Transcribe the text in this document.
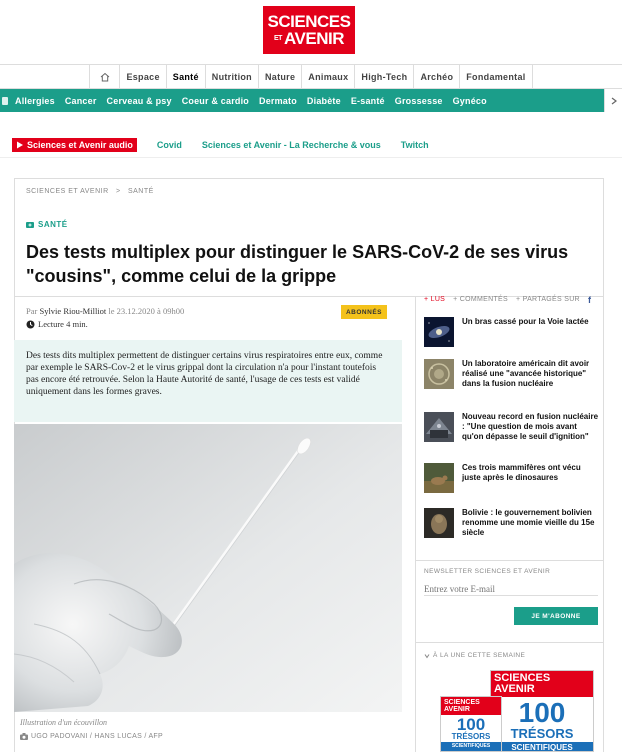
SCIENCES
ET AVENIR
Espace	Santé	Nutrition	Nature	Animaux	High-Tech	Archéo	Fondamental
Allergies	Cancer	Cerveau & psy	Coeur & cardio	Dermato	Diabète	E-santé	Grossesse	Gynéco
Sciences et Avenir audio	Covid Sciences et Avenir - La Recherche & vous Twitch
SCIENCES ET AVENIR > SANTÉ
SANTÉ
Des tests multiplex pour distinguer le SARS-CoV-2 de ses virus "cousins", comme celui de la grippe
Par Sylvie Riou-Milliot le 23.12.2020 à 09h00
Lecture 4 min.
ABONNÉS
Des tests dits multiplex permettent de distinguer certains virus respiratoires entre eux, comme par exemple le SARS-Cov-2 et le virus grippal dont la circulation n'a pour l'instant toutefois pas encore été retrouvée. Selon la Haute Autorité de santé, l'usage de ces tests est validé uniquement dans les formes graves.
Illustration d'un écouvillon
UGO PADOVANI / HANS LUCAS / AFP
+ LUS + COMMENTÉS + PARTAGÉS SUR f
Un bras cassé pour la Voie lactée
Un laboratoire américain dit avoir réalisé une "avancée historique" dans la fusion nucléaire
Nouveau record en fusion nucléaire : "Une question de mois avant qu'on dépasse le seuil d'ignition"
Ces trois mammifères ont vécu juste après le dinosaures
Bolivie : le gouvernement bolivien renomme une momie vieille du 15e siècle
NEWSLETTER SCIENCES ET AVENIR
Entrez votre E-mail
JE M'ABONNE
À LA UNE CETTE SEMAINE
SCIENCES
AVENIR
100
TRÉSORS
SCIENTIFIQUES
SCIENCES
AVENIR
100
TRÉSORS
SCIENTIFIQUES
